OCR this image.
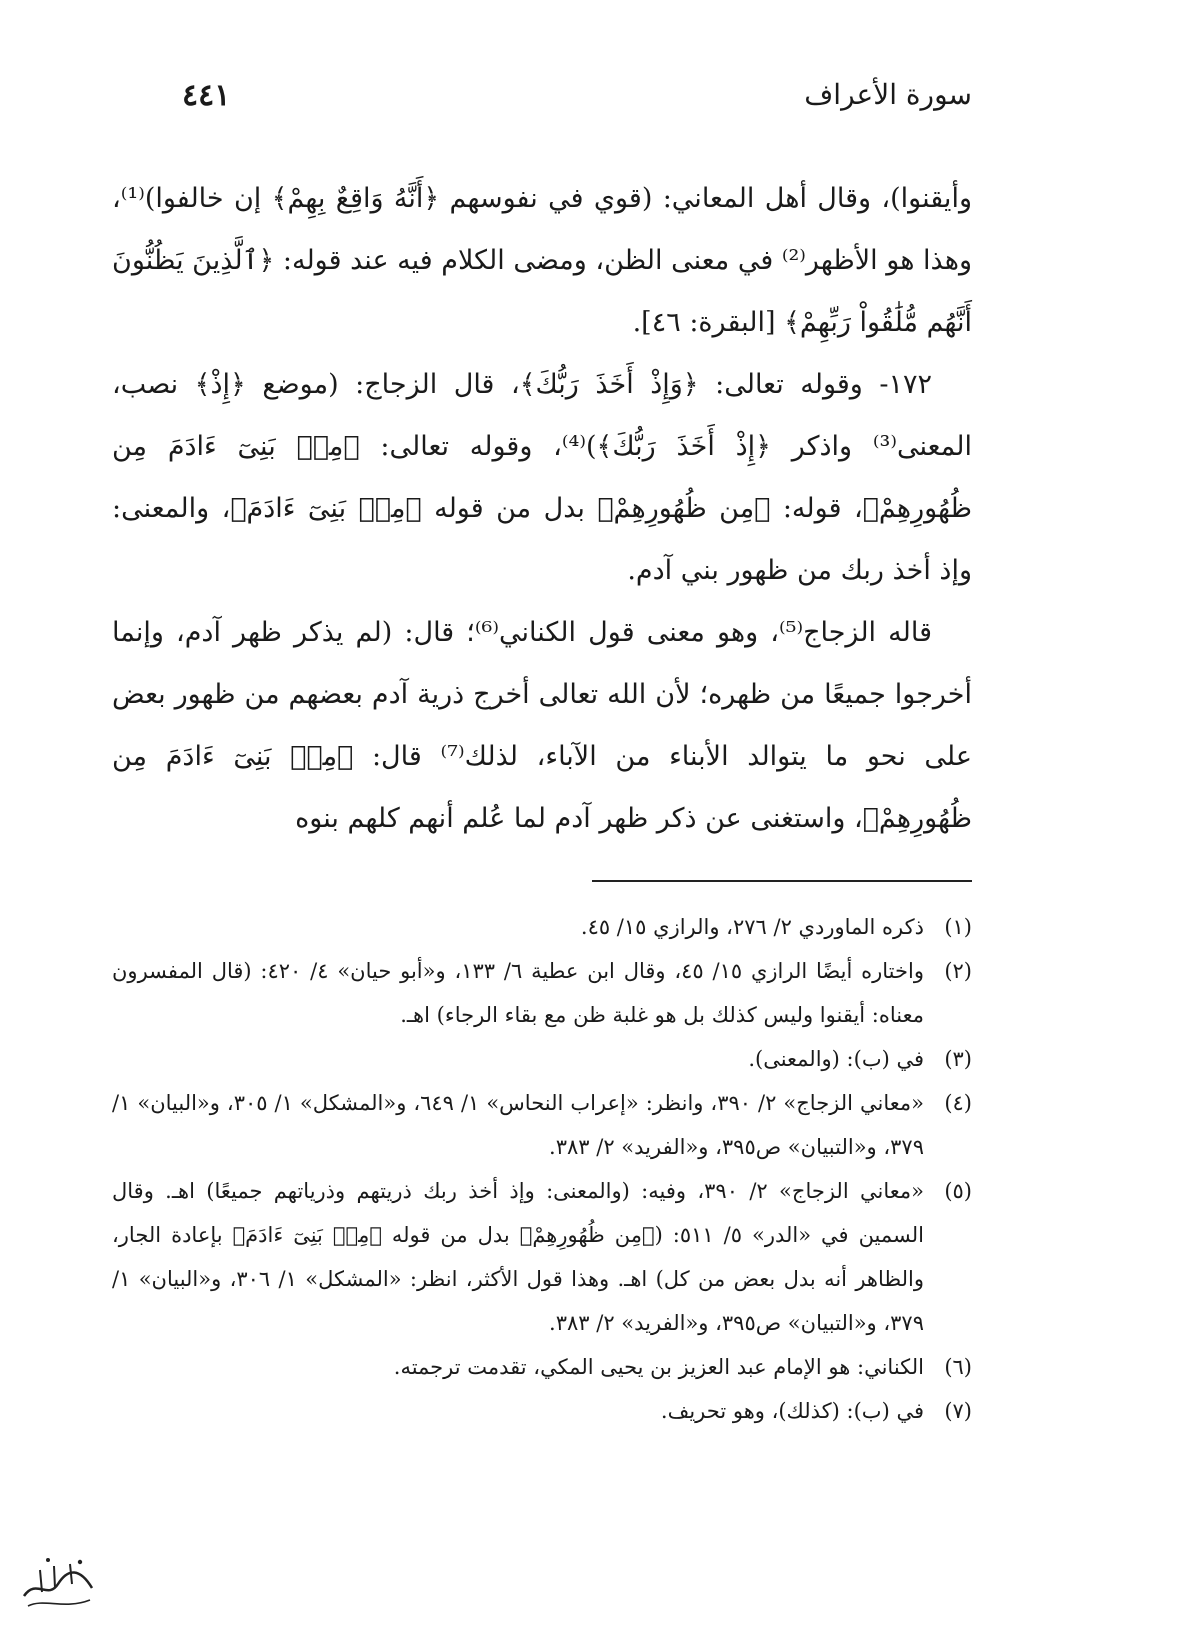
سورة الأعراف
٤٤١

وأيقنوا)، وقال أهل المعاني: (قوي في نفوسهم ﴿أَنَّهُ وَاقِعٌ بِهِمْ﴾ إن خالفوا)⁽¹⁾، وهذا هو الأظهر⁽²⁾ في معنى الظن، ومضى الكلام فيه عند قوله: ﴿ٱلَّذِينَ يَظُنُّونَ أَنَّهُم مُّلَٰقُواْ رَبِّهِمْ﴾ [البقرة: ٤٦].

١٧٢- وقوله تعالى: ﴿وَإِذْ أَخَذَ رَبُّكَ﴾، قال الزجاج: (موضع ﴿إِذْ﴾ نصب، المعنى⁽³⁾ واذكر ﴿إِذْ أَخَذَ رَبُّكَ﴾)⁽⁴⁾، وقوله تعالى: ﴿مِنۢ بَنِىٓ ءَادَمَ مِن ظُهُورِهِمْ﴾، قوله: ﴿مِن ظُهُورِهِمْ﴾ بدل من قوله ﴿مِنۢ بَنِىٓ ءَادَمَ﴾، والمعنى: وإذ أخذ ربك من ظهور بني آدم.

قاله الزجاج⁽⁵⁾، وهو معنى قول الكناني⁽⁶⁾؛ قال: (لم يذكر ظهر آدم، وإنما أخرجوا جميعًا من ظهره؛ لأن الله تعالى أخرج ذرية آدم بعضهم من ظهور بعض على نحو ما يتوالد الأبناء من الآباء، لذلك⁽⁷⁾ قال: ﴿مِنۢ بَنِىٓ ءَادَمَ مِن ظُهُورِهِمْ﴾، واستغنى عن ذكر ظهر آدم لما عُلم أنهم كلهم بنوه

(١)
ذكره الماوردي ٢/ ٢٧٦، والرازي ١٥/ ٤٥.
(٢)
واختاره أيضًا الرازي ١٥/ ٤٥، وقال ابن عطية ٦/ ١٣٣، و«أبو حيان» ٤/ ٤٢٠: (قال المفسرون معناه: أيقنوا وليس كذلك بل هو غلبة ظن مع بقاء الرجاء) اهـ.
(٣)
في (ب): (والمعنى).
(٤)
«معاني الزجاج» ٢/ ٣٩٠، وانظر: «إعراب النحاس» ١/ ٦٤٩، و«المشكل» ١/ ٣٠٥، و«البيان» ١/ ٣٧٩، و«التبيان» ص٣٩٥، و«الفريد» ٢/ ٣٨٣.
(٥)
«معاني الزجاج» ٢/ ٣٩٠، وفيه: (والمعنى: وإذ أخذ ربك ذريتهم وذرياتهم جميعًا) اهـ. وقال السمين في «الدر» ٥/ ٥١١: (﴿مِن ظُهُورِهِمْ﴾ بدل من قوله ﴿مِنۢ بَنِىٓ ءَادَمَ﴾ بإعادة الجار، والظاهر أنه بدل بعض من كل) اهـ. وهذا قول الأكثر، انظر: «المشكل» ١/ ٣٠٦، و«البيان» ١/ ٣٧٩، و«التبيان» ص٣٩٥، و«الفريد» ٢/ ٣٨٣.
(٦)
الكناني: هو الإمام عبد العزيز بن يحيى المكي، تقدمت ترجمته.
(٧)
في (ب): (كذلك)، وهو تحريف.
